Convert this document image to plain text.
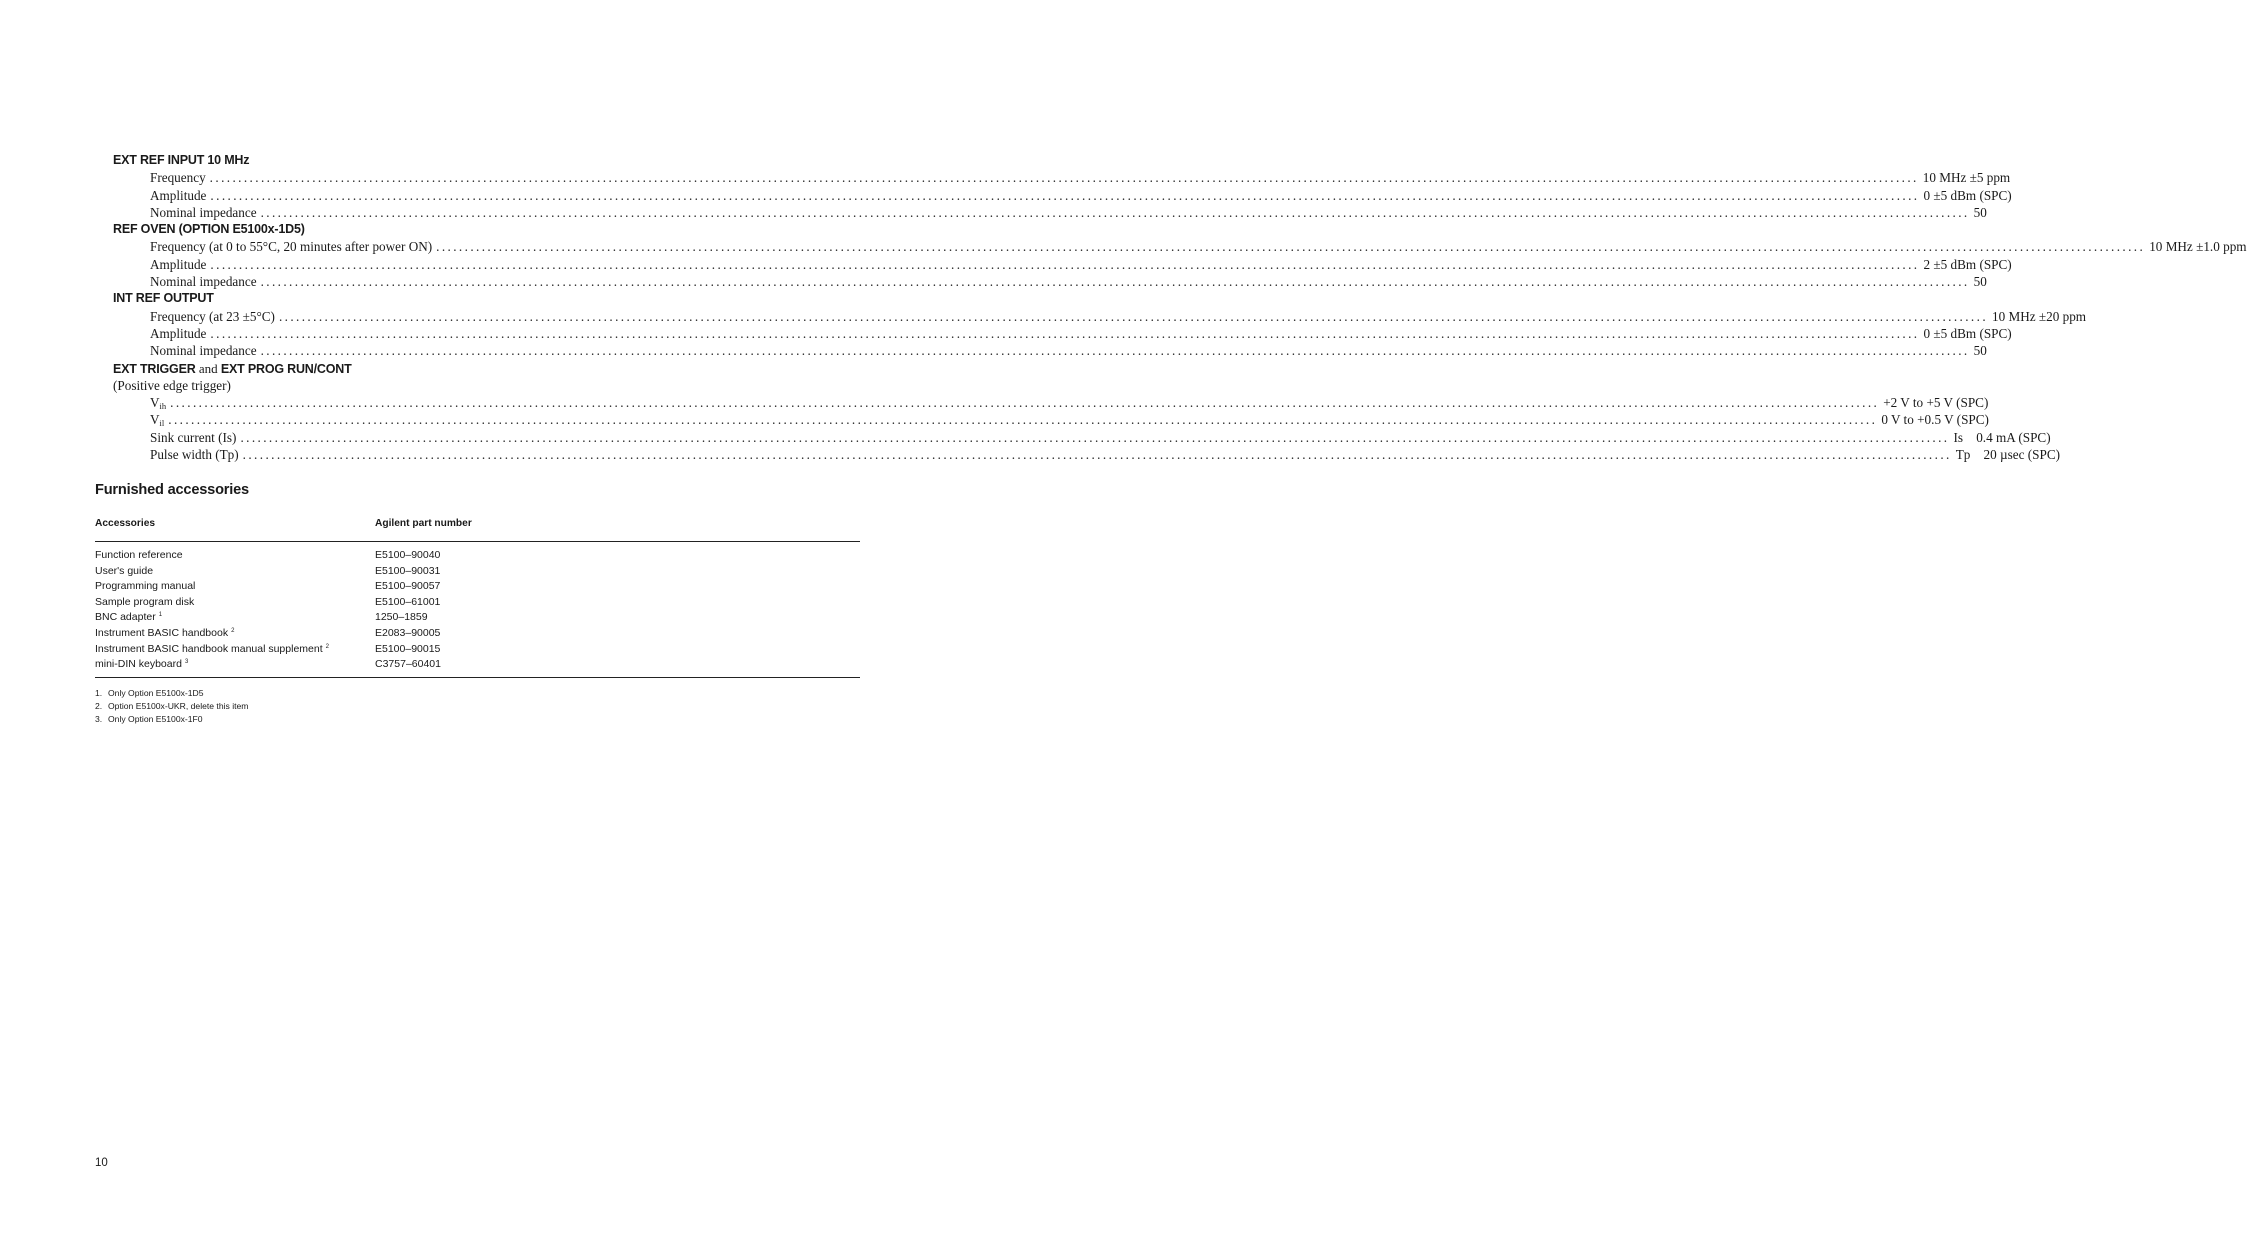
EXT REF INPUT 10 MHz
Frequency ............................................................................................................................................................................................................................................................................................................ 10 MHz ±5 ppm
Amplitude ............................................................................................................................................................................................................................................................................................................ 0 ±5 dBm (SPC)
Nominal impedance ............................................................................................................................................................................................................................................................................................................ 50
REF OVEN (OPTION E5100x-1D5)
Frequency (at 0 to 55°C, 20 minutes after power ON) ............................................................................................................................................................................................................................................................................................................ 10 MHz ±1.0 ppm
Amplitude ............................................................................................................................................................................................................................................................................................................ 2 ±5 dBm (SPC)
Nominal impedance ............................................................................................................................................................................................................................................................................................................ 50
INT REF OUTPUT
Frequency (at 23 ±5°C) ............................................................................................................................................................................................................................................................................................................ 10 MHz ±20 ppm
Amplitude ............................................................................................................................................................................................................................................................................................................ 0 ±5 dBm (SPC)
Nominal impedance ............................................................................................................................................................................................................................................................................................................ 50
EXT TRIGGER and EXT PROG RUN/CONT
(Positive edge trigger)
$V_{ih}$ ............................................................................................................................................................................................................................................................................................................ +2 V to +5 V (SPC)
$V_{il}$ ............................................................................................................................................................................................................................................................................................................ 0 V to +0.5 V (SPC)
Sink current (Is) ............................................................................................................................................................................................................................................................................................................ Is    0.4 mA (SPC)
Pulse width (Tp) ............................................................................................................................................................................................................................................................................................................ Tp    20 µsec (SPC)
Furnished accessories
Accessories	Agilent part number
Function reference	E5100–90040
User's guide	E5100–90031
Programming manual	E5100–90057
Sample program disk	E5100–61001
BNC adapter $^1$	1250–1859
Instrument BASIC handbook $^2$	E2083–90005
Instrument BASIC handbook manual supplement $^2$	E5100–90015
mini-DIN keyboard $^3$	C3757–60401
1. Only Option E5100x-1D5
2. Option E5100x-UKR, delete this item
3. Only Option E5100x-1F0
10
